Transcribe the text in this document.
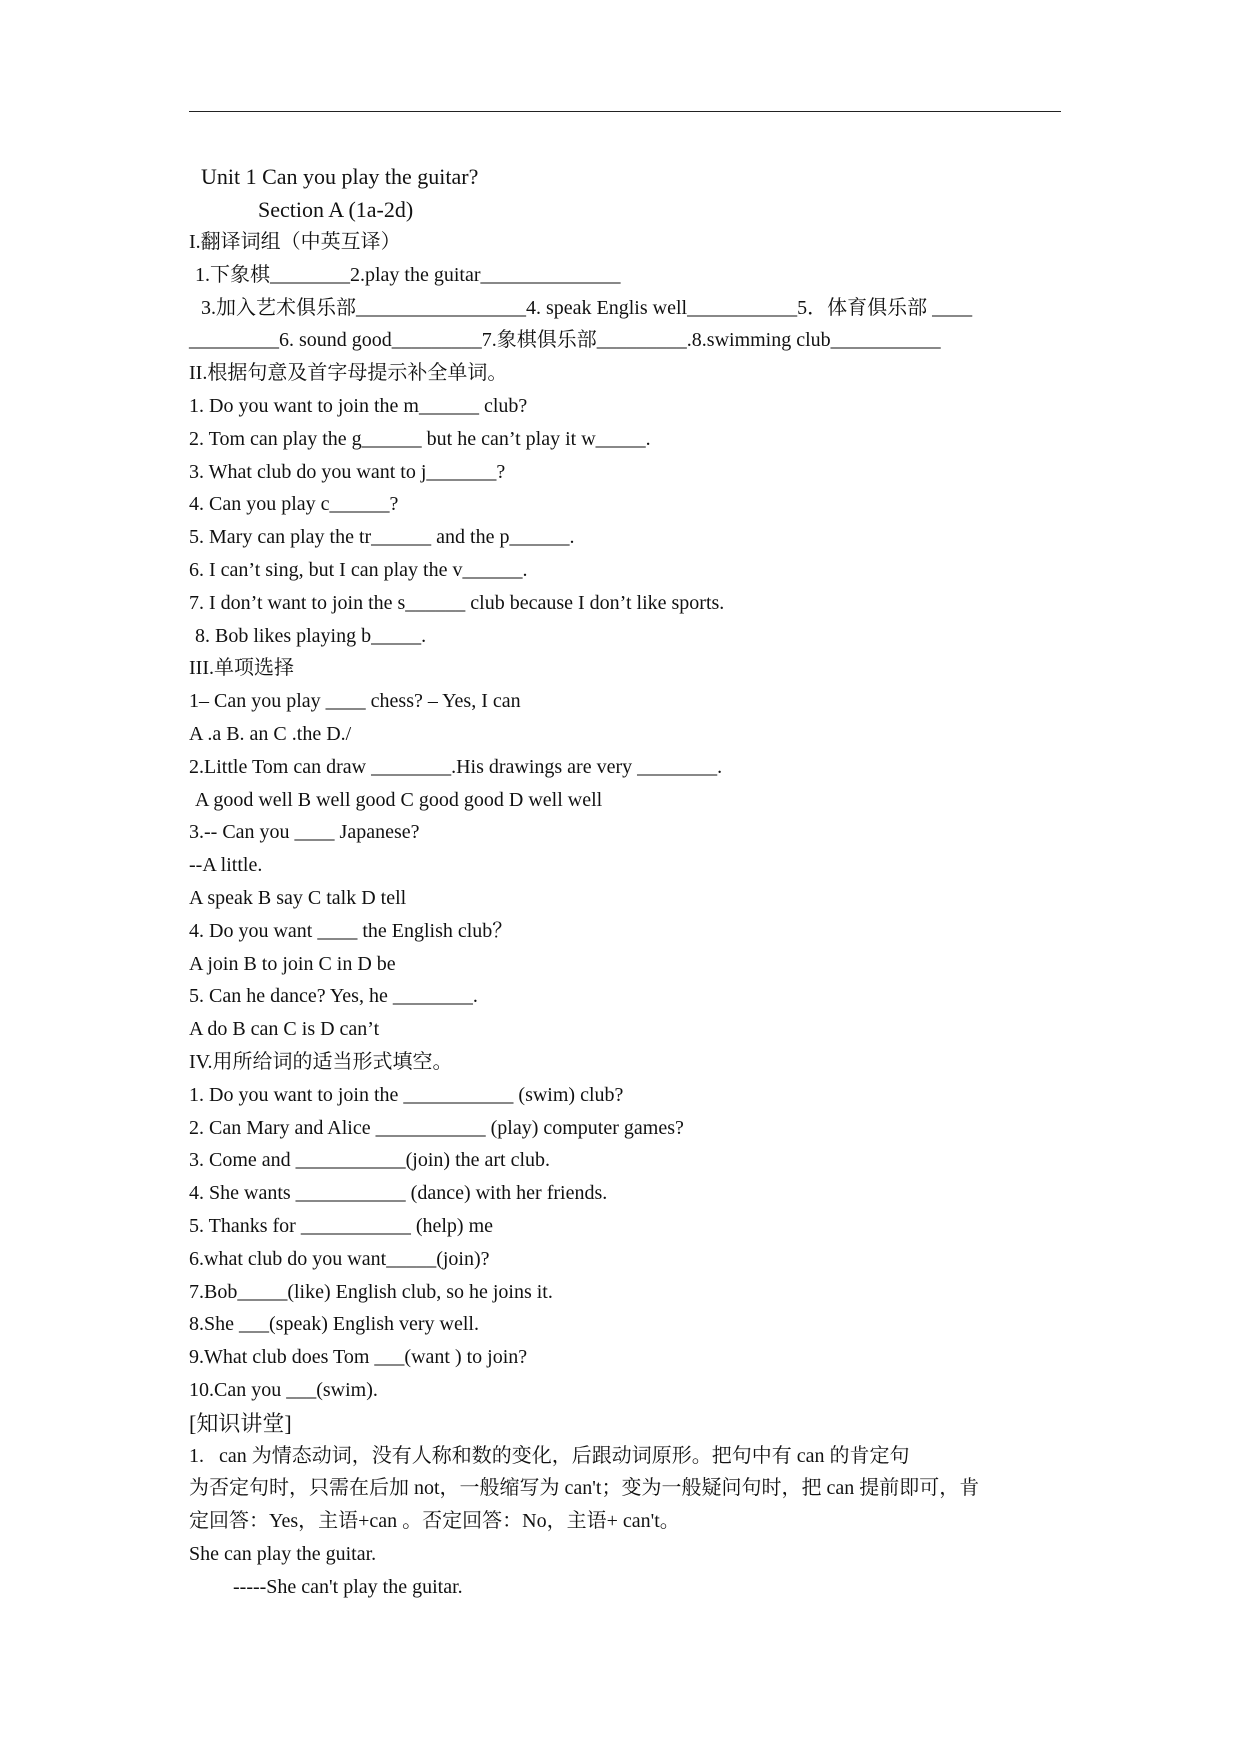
Unit 1 Can you play the guitar?
Section A (1a-2d)
I.翻译词组（中英互译）
1.下象棋________2.play the guitar______________
3.加入艺术俱乐部_________________4. speak Englis well___________5．体育俱乐部 ____
_________6. sound good_________7.象棋俱乐部_________.8.swimming club___________
II.根据句意及首字母提示补全单词。
1. Do you want to join the m______ club?
2. Tom can play the g______ but he can’t play it w_____.
3. What club do you want to j_______?
4. Can you play c______?
5. Mary can play the tr______ and the p______.
6. I can’t sing, but I can play the v______.
7. I don’t want to join the s______ club because I don’t like sports.
8. Bob likes playing b_____.
III.单项选择
1– Can you play ____ chess? – Yes, I can
A .a B. an C .the D./
2.Little Tom can draw ________.His drawings are very ________.
A good well B well good C good good D well well
3.-- Can you ____ Japanese?
--A little.
A speak B say C talk D tell
4. Do you want ____ the English club？
A join B to join C in D be
5. Can he dance? Yes, he ________.
A do B can C is D can’t
IV.用所给词的适当形式填空。
1. Do you want to join the ___________ (swim) club?
2. Can Mary and Alice ___________ (play) computer games?
3. Come and ___________(join) the art club.
4. She wants ___________ (dance) with her friends.
5. Thanks for ___________ (help) me
6.what club do you want_____(join)?
7.Bob_____(like) English club, so he joins it.
8.She ___(speak) English very well.
9.What club does Tom ___(want ) to join?
10.Can you ___(swim).
[知识讲堂]
1.   can 为情态动词，没有人称和数的变化，后跟动词原形。把句中有 can 的肯定句
为否定句时，只需在后加 not，一般缩写为 can't；变为一般疑问句时，把 can 提前即可，肯
定回答：Yes，主语+can 。否定回答：No，主语+ can't。
She can play the guitar.
-----She can't play the guitar.
